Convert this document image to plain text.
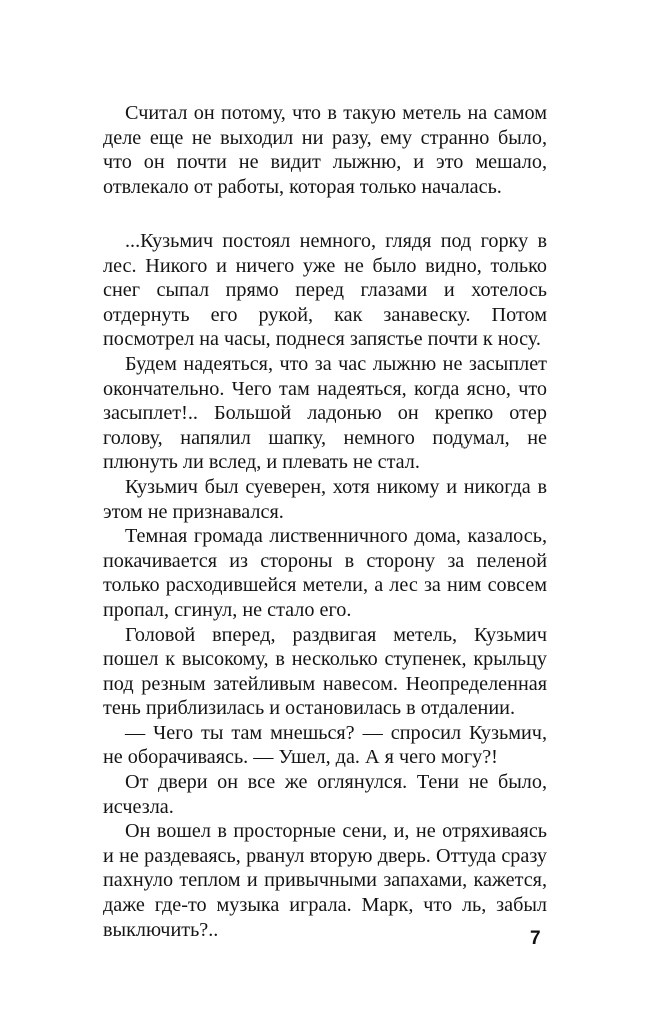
Считал он потому, что в такую метель на самом деле еще не выходил ни разу, ему странно было, что он почти не видит лыжню, и это мешало, отвлекало от работы, которая только началась.

...Кузьмич постоял немного, глядя под горку в лес. Никого и ничего уже не было видно, только снег сыпал прямо перед глазами и хотелось отдернуть его рукой, как занавеску. Потом посмотрел на часы, поднеся запястье почти к носу.

Будем надеяться, что за час лыжню не засыплет окончательно. Чего там надеяться, когда ясно, что засыплет!.. Большой ладонью он крепко отер голову, напялил шапку, немного подумал, не плюнуть ли вслед, и плевать не стал.

Кузьмич был суеверен, хотя никому и никогда в этом не признавался.

Темная громада лиственничного дома, казалось, покачивается из стороны в сторону за пеленой только расходившейся метели, а лес за ним совсем пропал, сгинул, не стало его.

Головой вперед, раздвигая метель, Кузьмич пошел к высокому, в несколько ступенек, крыльцу под резным затейливым навесом. Неопределенная тень приблизилась и остановилась в отдалении.

— Чего ты там мнешься? — спросил Кузьмич, не оборачиваясь. — Ушел, да. А я чего могу?!

От двери он все же оглянулся. Тени не было, исчезла.

Он вошел в просторные сени, и, не отряхиваясь и не раздеваясь, рванул вторую дверь. Оттуда сразу пахнуло теплом и привычными запахами, кажется, даже где-то музыка играла. Марк, что ль, забыл выключить?..	7
